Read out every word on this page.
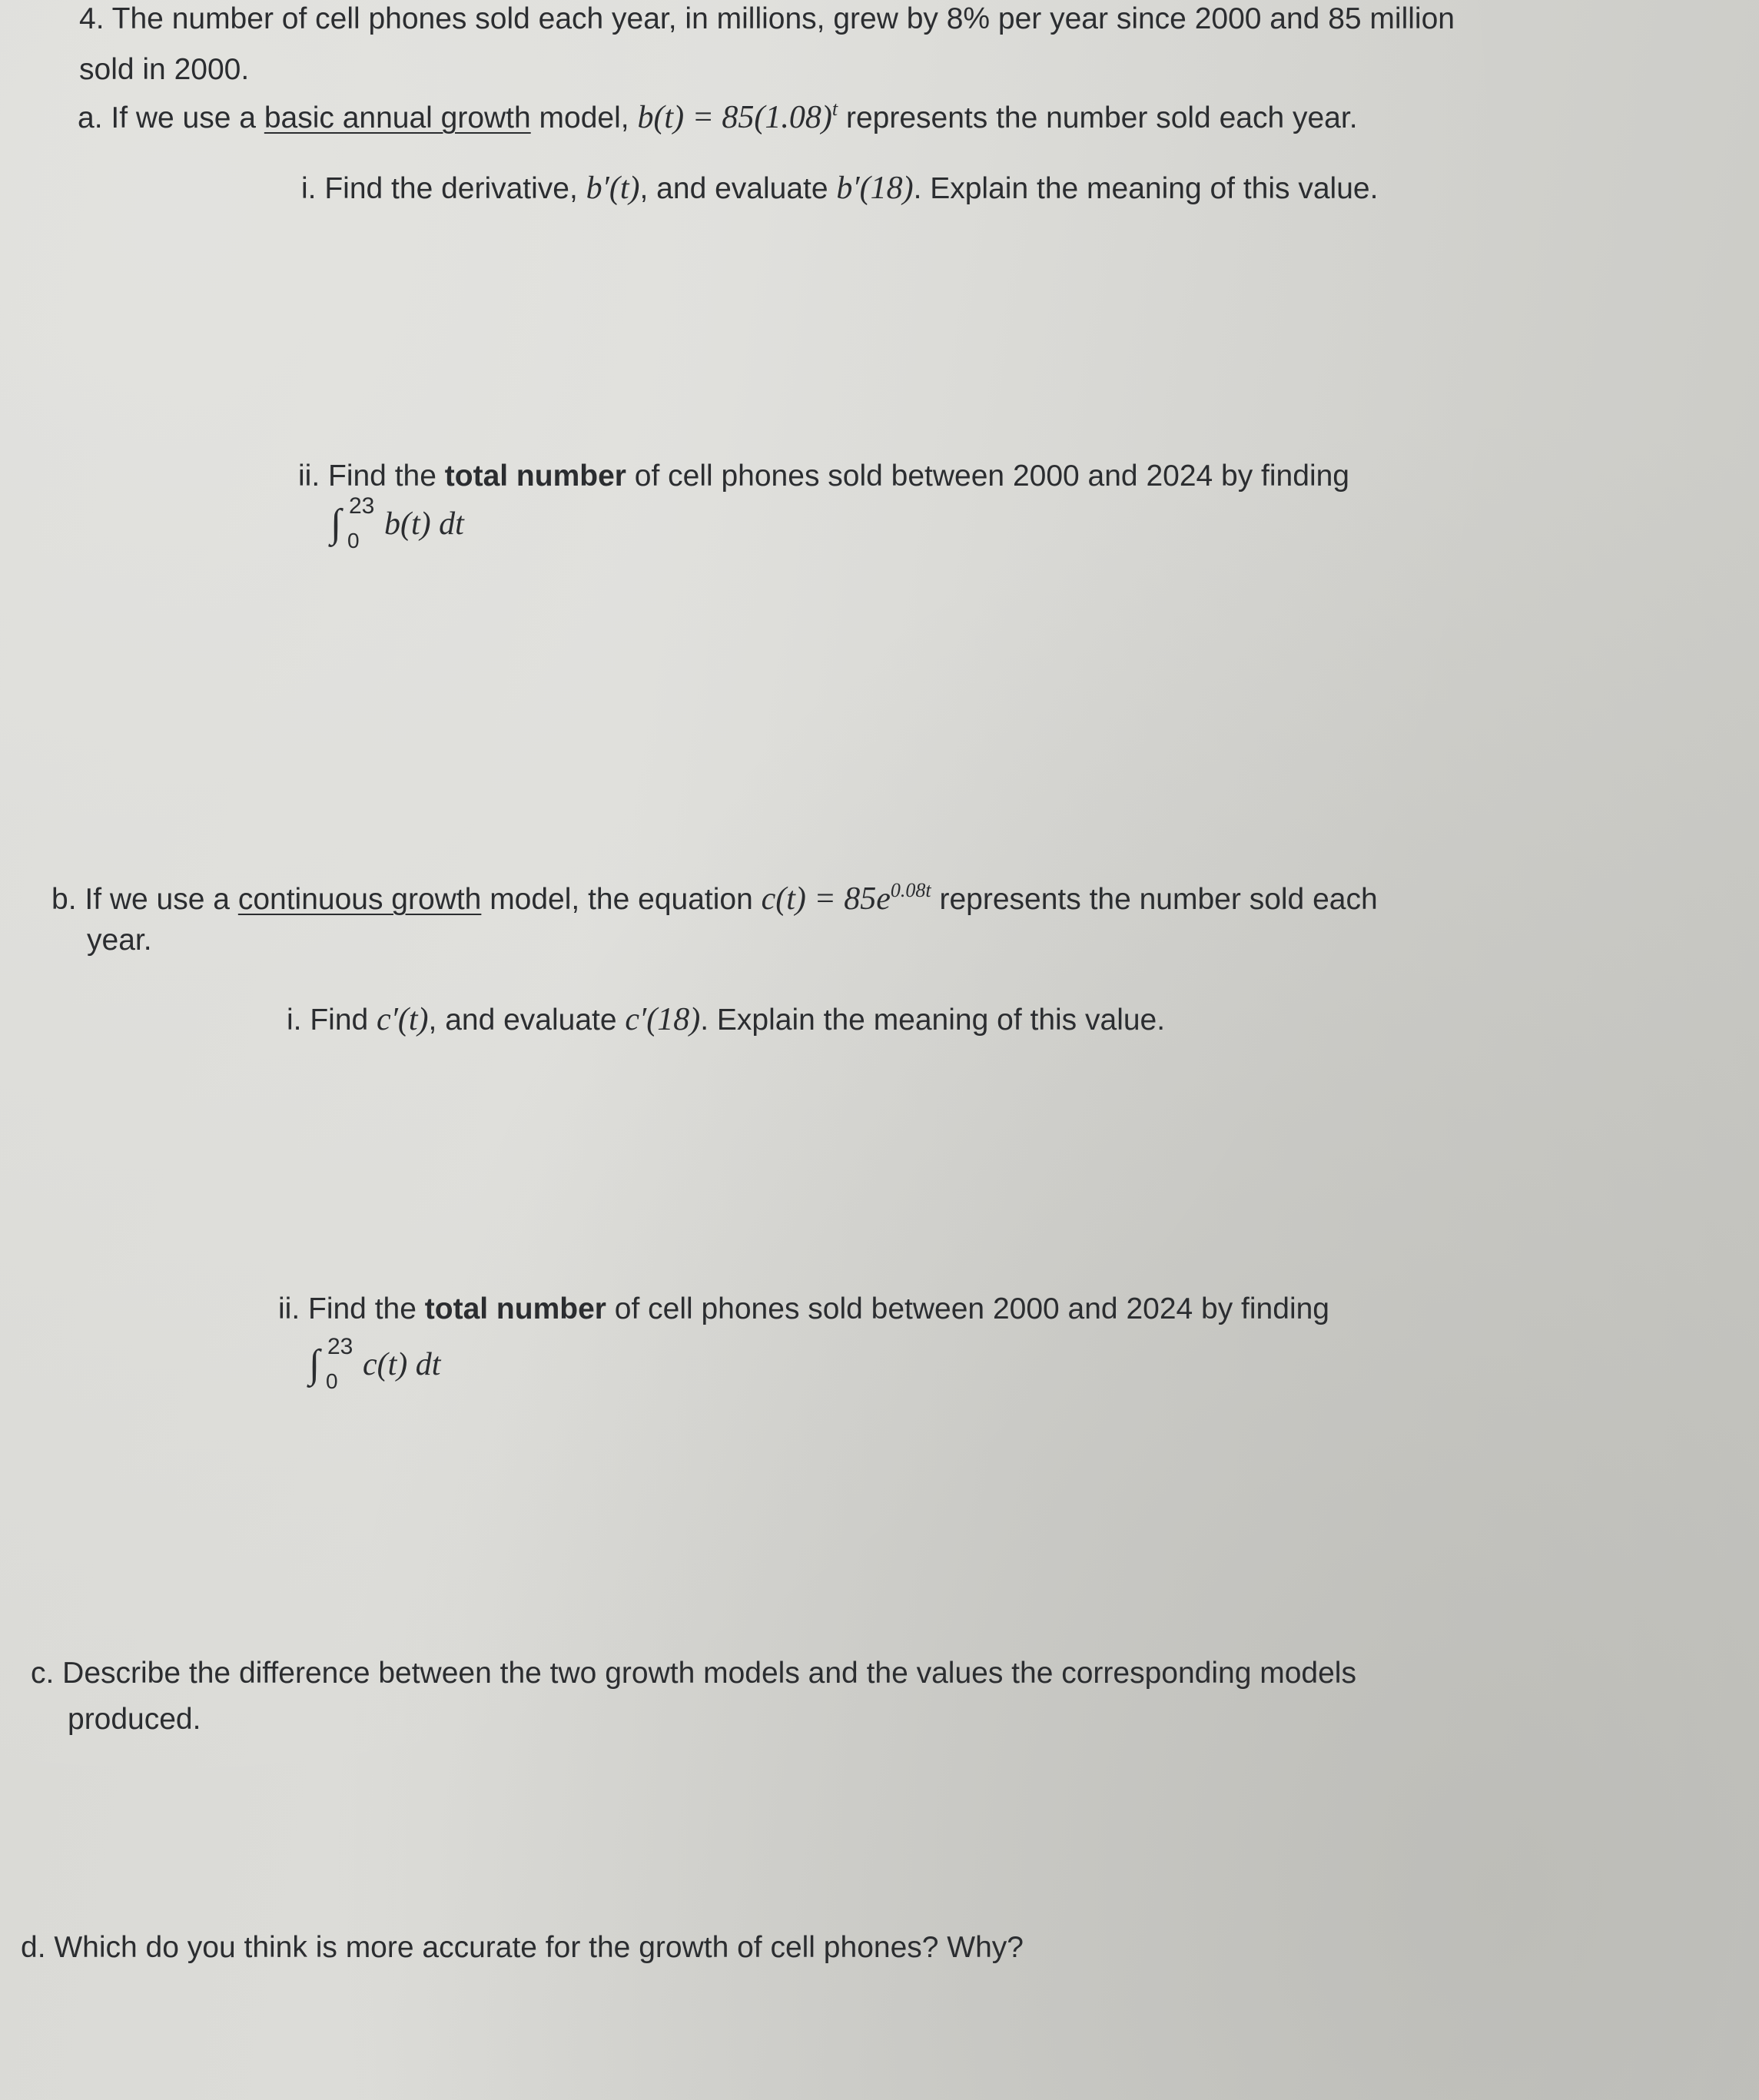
4. The number of cell phones sold each year, in millions, grew by 8% per year since 2000 and 85 million
sold in 2000.
a. If we use a basic annual growth model, $b(t) = 85(1.08)^t$ represents the number sold each year.
i. Find the derivative, b′(t), and evaluate b′(18). Explain the meaning of this value.
ii. Find the total number of cell phones sold between 2000 and 2024 by finding
∫ 23
0 b(t) dt
b. If we use a continuous growth model, the equation $c(t) = 85e^{0.08t}$ represents the number sold each
year.
i. Find c′(t), and evaluate c′(18). Explain the meaning of this value.
ii. Find the total number of cell phones sold between 2000 and 2024 by finding
∫ 23
0 c(t) dt
c. Describe the difference between the two growth models and the values the corresponding models
produced.
d. Which do you think is more accurate for the growth of cell phones? Why?
